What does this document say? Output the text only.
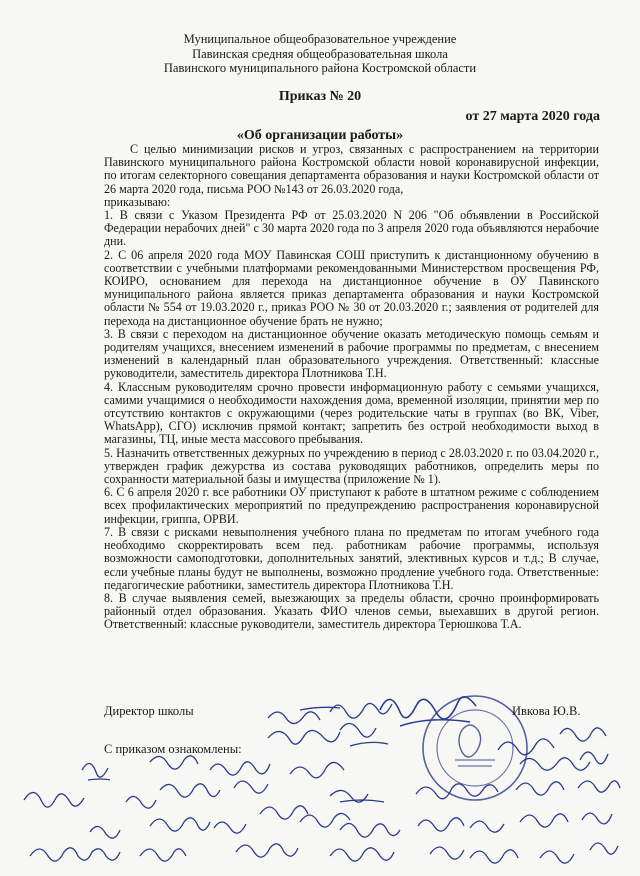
Муниципальное общеобразовательное учреждение
Павинская средняя общеобразовательная школа
Павинского муниципального района Костромской области
Приказ № 20
от 27 марта 2020 года
«Об организации работы»

С целью минимизации рисков и угроз, связанных с распространением на территории Павинского муниципального района Костромской области новой коронавирусной инфекции, по итогам селекторного совещания департамента образования и науки Костромской области от 26 марта 2020 года, письма РОО №143 от 26.03.2020 года,

приказываю:

1. В связи с Указом Президента РФ от 25.03.2020 N 206 "Об объявлении в Российской Федерации нерабочих дней" с 30 марта 2020 года по 3 апреля 2020 года объявляются нерабочие дни.

2. С 06 апреля 2020 года МОУ Павинская СОШ приступить к дистанционному обучению в соответствии с учебными платформами рекомендованными Министерством просвещения РФ, КОИРО, основанием для перехода на дистанционное обучение в ОУ Павинского муниципального района является приказ департамента образования и науки Костромской области № 554 от 19.03.2020 г., приказ РОО № 30 от 20.03.2020 г.; заявления от родителей для перехода на дистанционное обучение брать не нужно;

3. В связи с переходом на дистанционное обучение оказать методическую помощь семьям и родителям учащихся, внесением изменений в рабочие программы по предметам, с внесением изменений в календарный план образовательного учреждения. Ответственный: классные руководители, заместитель директора Плотникова Т.Н.

4. Классным руководителям срочно провести информационную работу с семьями учащихся, самими учащимися о необходимости нахождения дома, временной изоляции, принятии мер по отсутствию контактов с окружающими (через родительские чаты в группах (во ВК, Viber, WhatsApp), СГО) исключив прямой контакт; запретить без острой необходимости выход в магазины, ТЦ, иные места массового пребывания.

5. Назначить ответственных дежурных по учреждению в период с 28.03.2020 г. по 03.04.2020 г., утвержден график дежурства из состава руководящих работников, определить меры по сохранности материальной базы и имущества (приложение № 1).

6. С 6 апреля 2020 г. все работники ОУ приступают к работе в штатном режиме с соблюдением всех профилактических мероприятий по предупреждению распространения коронавирусной инфекции, гриппа, ОРВИ.

7. В связи с рисками невыполнения учебного плана по предметам по итогам учебного года необходимо скорректировать всем пед. работникам рабочие программы, используя возможности самоподготовки, дополнительных занятий, элективных курсов и т.д.; В случае, если учебные планы будут не выполнены, возможно продление учебного года. Ответственные: педагогические работники, заместитель директора Плотникова Т.Н.

8. В случае выявления семей, выезжающих за пределы области, срочно проинформировать районный отдел образования. Указать ФИО членов семьи, выехавших в другой регион. Ответственный: классные руководители, заместитель директора Терюшкова Т.А.

Директор школы	Ивкова Ю.В.
С приказом ознакомлены:
